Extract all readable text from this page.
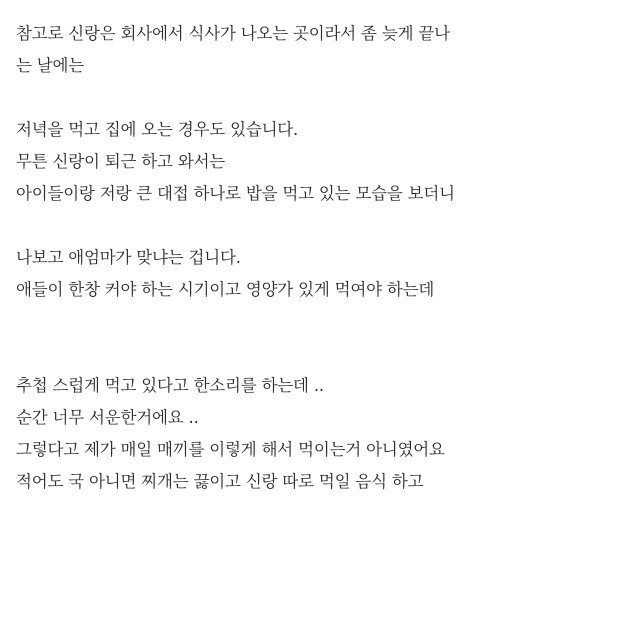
참고로 신랑은 회사에서 식사가 나오는 곳이라서 좀 늦게 끝나
는 날에는
저녁을 먹고 집에 오는 경우도 있습니다.
무튼 신랑이 퇴근 하고 와서는
아이들이랑 저랑 큰 대접 하나로 밥을 먹고 있는 모습을 보더니
나보고 애엄마가 맞냐는 겁니다.
애들이 한창 커야 하는 시기이고 영양가 있게 먹여야 하는데
추첩 스럽게 먹고 있다고 한소리를 하는데 ..
순간 너무 서운한거에요 ..
그렇다고 제가 매일 매끼를 이렇게 해서 먹이는거 아니였어요
적어도 국 아니면 찌개는 끓이고 신랑 따로 먹일 음식 하고
